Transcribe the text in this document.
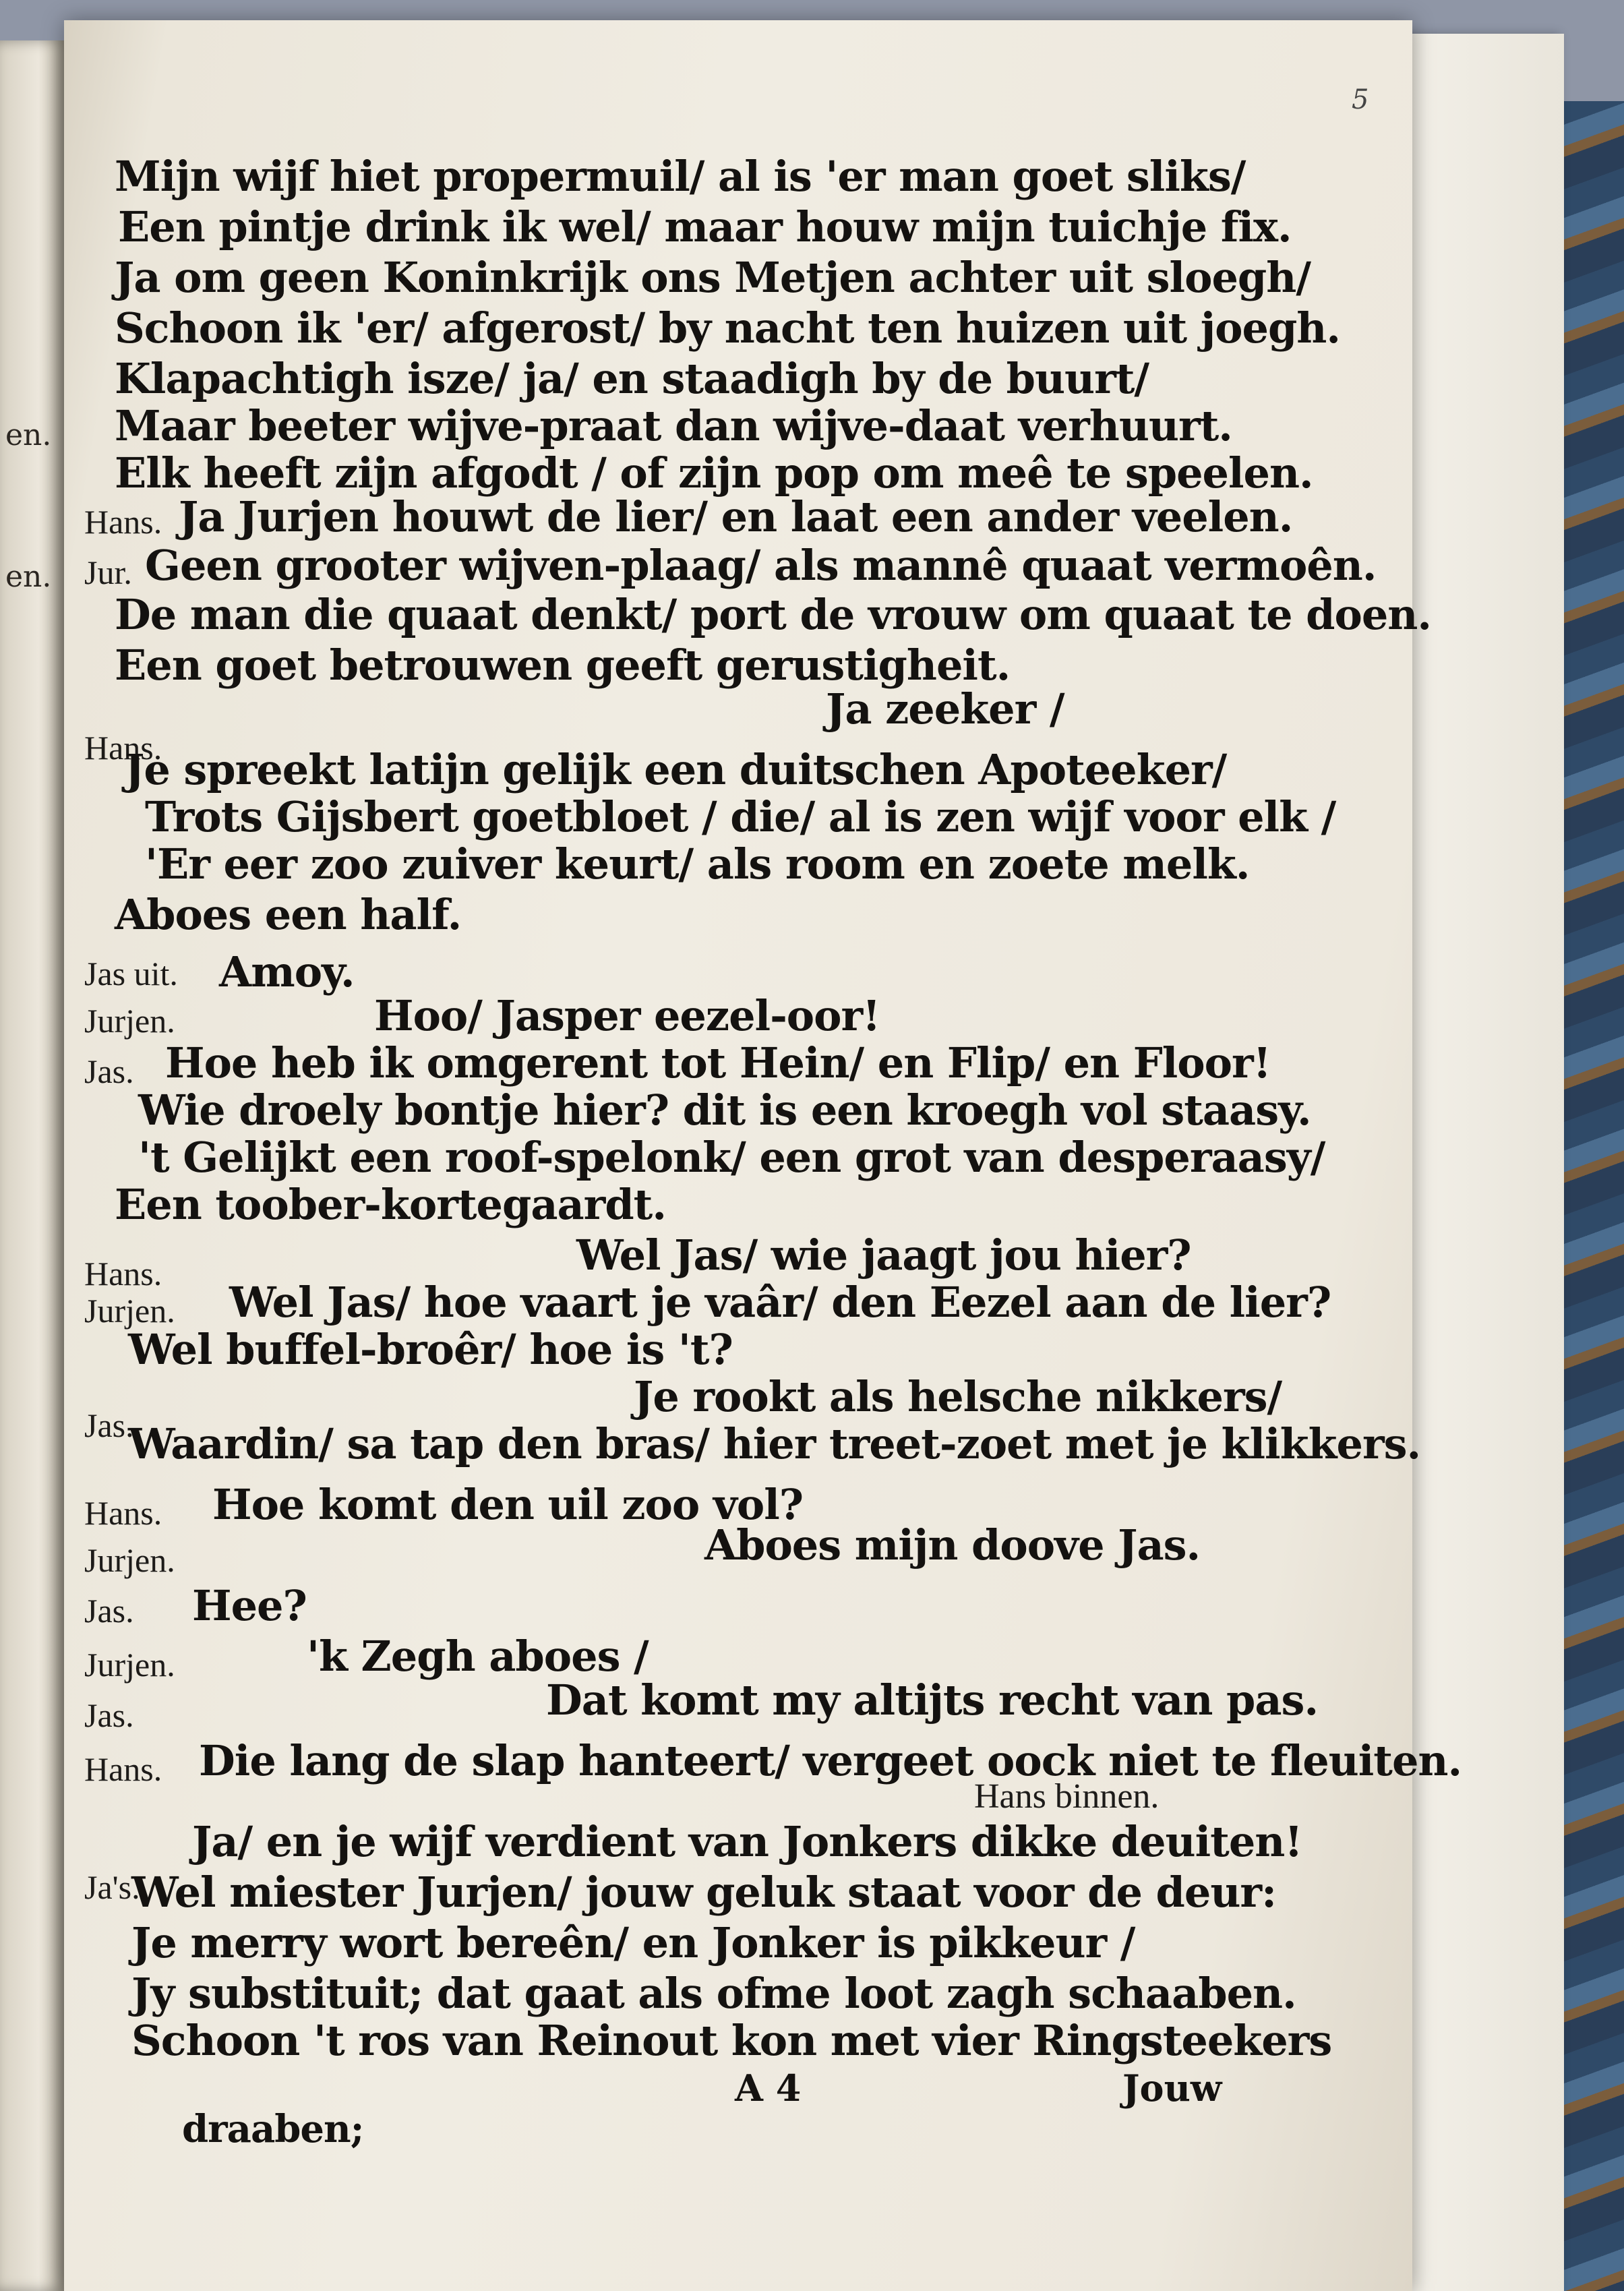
en.
en.
5
Mijn wijf hiet propermuil/ al is 'er man goet sliks/
Een pintje drink ik wel/ maar houw mijn tuichje fix.
Ja om geen Koninkrijk ons Metjen achter uit sloegh/
Schoon ik 'er/ afgerost/ by nacht ten huizen uit joegh.
Klapachtigh isze/ ja/ en staadigh by de buurt/
Maar beeter wijve-praat dan wijve-daat verhuurt.
Elk heeft zijn afgodt / of zijn pop om meê te speelen.
Hans. Ja Jurjen houwt de lier/ en laat een ander veelen.
Jur. Geen grooter wijven-plaag/ als mannê quaat vermoên.
De man die quaat denkt/ port de vrouw om quaat te doen.
Een goet betrouwen geeft gerustigheit.
Ja zeeker /
Hans.
Je spreekt latijn gelijk een duitschen Apoteeker/
Trots Gijsbert goetbloet / die/ al is zen wijf voor elk /
'Er eer zoo zuiver keurt/ als room en zoete melk.
Aboes een half.
Jas uit. Amoy.
Jurjen.	Hoo/ Jasper eezel-oor!
Jas. Hoe heb ik omgerent tot Hein/ en Flip/ en Floor!
Wie droely bontje hier? dit is een kroegh vol staasy.
't Gelijkt een roof-spelonk/ een grot van desperaasy/
Een toober-kortegaardt.
Hans.	Wel Jas/ wie jaagt jou hier?
Jurjen. Wel Jas/ hoe vaart je vaâr/ den Eezel aan de lier?
Wel buffel-broêr/ hoe is 't?
Jas.
Je rookt als helsche nikkers/
Waardin/ sa tap den bras/ hier treet-zoet met je klikkers.
Hans. Hoe komt den uil zoo vol?
Jurjen.	Aboes mijn doove Jas.
Jas. Hee?
Jurjen.	'k Zegh aboes /
Jas.	Dat komt my altijts recht van pas.
Hans. Die lang de slap hanteert/ vergeet oock niet te fleuiten.
Hans binnen.
Ja's.
Ja/ en je wijf verdient van Jonkers dikke deuiten!
Wel miester Jurjen/ jouw geluk staat voor de deur:
Je merry wort bereên/ en Jonker is pikkeur /
Jy substituit; dat gaat als ofme loot zagh schaaben.
Schoon 't ros van Reinout kon met vier Ringsteekers
A 4	Jouw
draaben;
